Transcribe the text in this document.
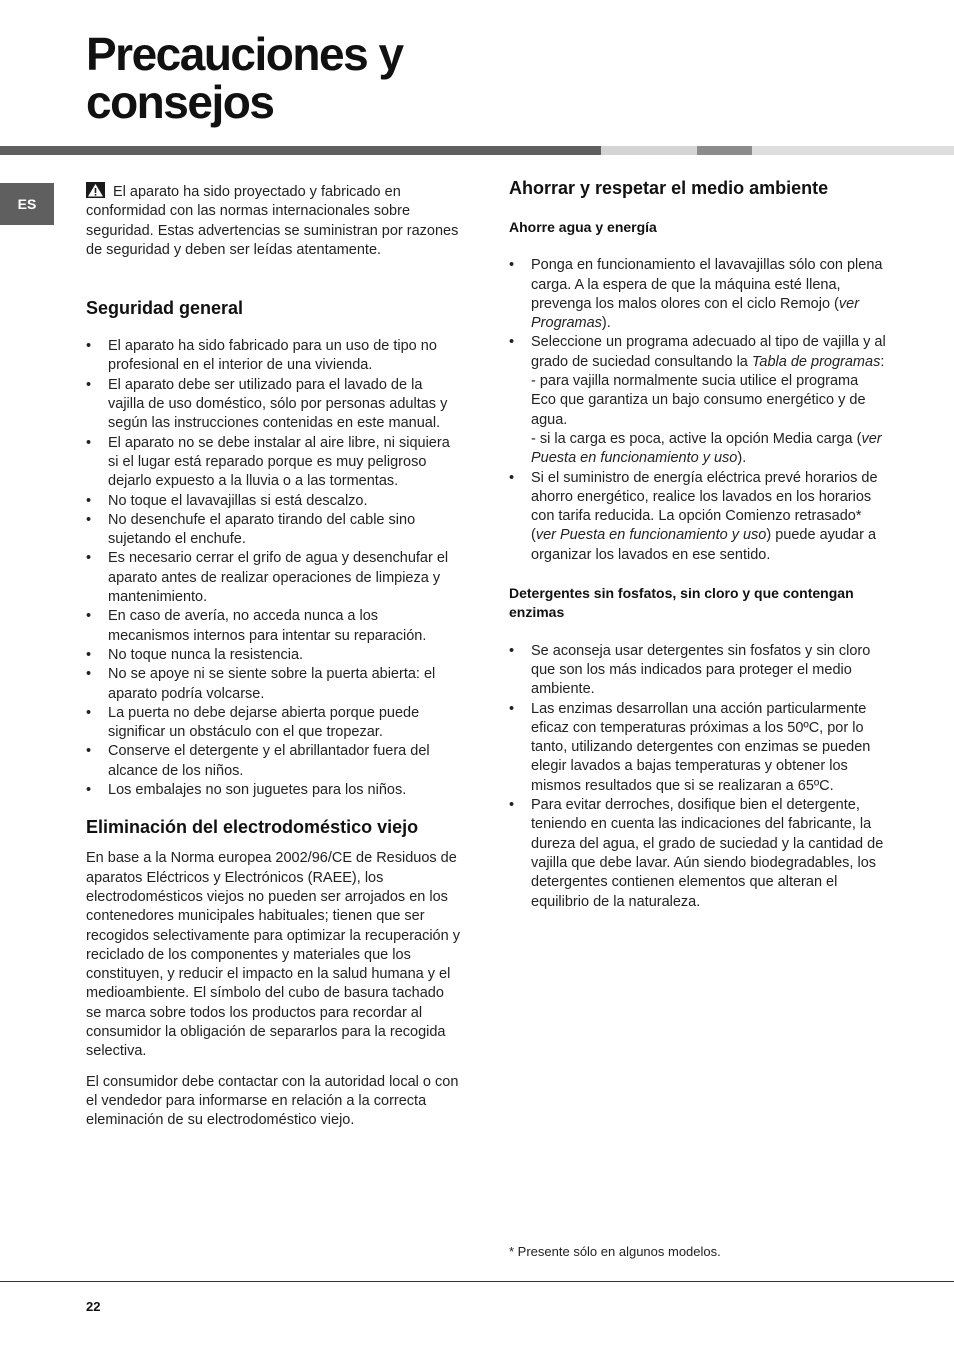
Precauciones y
consejos
ES

El aparato ha sido proyectado y fabricado en conformidad con las normas internacionales sobre seguridad. Estas advertencias se suministran por razones de seguridad y deben ser leídas atentamente.

Seguridad general
• El aparato ha sido fabricado para un uso de tipo no profesional en el interior de una vivienda.
• El aparato debe ser utilizado para el lavado de la vajilla de uso doméstico, sólo por personas adultas y según las instrucciones contenidas en este manual.
• El aparato no se debe instalar al aire libre, ni siquiera si el lugar está reparado porque es muy peligroso dejarlo expuesto a la lluvia o a las tormentas.
• No toque el lavavajillas si está descalzo.
• No desenchufe el aparato tirando del cable sino sujetando el enchufe.
• Es necesario cerrar el grifo de agua y desenchufar el aparato antes de realizar operaciones de limpieza y mantenimiento.
• En caso de avería, no acceda nunca a los mecanismos internos para intentar su reparación.
• No toque nunca la resistencia.
• No se apoye ni se siente sobre la puerta abierta: el aparato podría volcarse.
• La puerta no debe dejarse abierta porque puede significar un obstáculo con el que tropezar.
• Conserve el detergente y el abrillantador fuera del alcance de los niños.
• Los embalajes no son juguetes para los niños.
Eliminación del electrodoméstico viejo

En base a la Norma europea 2002/96/CE de Residuos de aparatos Eléctricos y Electrónicos (RAEE), los electrodomésticos viejos no pueden ser arrojados en los contenedores municipales habituales; tienen que ser recogidos selectivamente para optimizar la recuperación y reciclado de los componentes y materiales que los constituyen, y reducir el impacto en la salud humana y el medioambiente. El símbolo del cubo de basura tachado se marca sobre todos los productos para recordar al consumidor la obligación de separarlos para la recogida selectiva.

El consumidor debe contactar con la autoridad local o con el vendedor para informarse en relación a la correcta eleminación de su electrodoméstico viejo.

Ahorrar y respetar el medio ambiente
Ahorre agua y energía
• Ponga en funcionamiento el lavavajillas sólo con plena carga. A la espera de que la máquina esté llena, prevenga los malos olores con el ciclo Remojo (ver Programas).
• Seleccione un programa adecuado al tipo de vajilla y al grado de suciedad consultando la Tabla de programas:
- para vajilla normalmente sucia utilice el programa Eco que garantiza un bajo consumo energético y de agua.
- si la carga es poca, active la opción Media carga (ver Puesta en funcionamiento y uso).
• Si el suministro de energía eléctrica prevé horarios de ahorro energético, realice los lavados en los horarios con tarifa reducida. La opción Comienzo retrasado* (ver Puesta en funcionamiento y uso) puede ayudar a organizar los lavados en ese sentido.
Detergentes sin fosfatos, sin cloro y que contengan enzimas
• Se aconseja usar detergentes sin fosfatos y sin cloro que son los más indicados para proteger el medio ambiente.
• Las enzimas desarrollan una acción particularmente eficaz con temperaturas próximas a los 50ºC, por lo tanto, utilizando detergentes con enzimas se pueden elegir lavados a bajas temperaturas y obtener los mismos resultados que si se realizaran a 65ºC.
• Para evitar derroches, dosifique bien el detergente, teniendo en cuenta las indicaciones del fabricante, la dureza del agua, el grado de suciedad y la cantidad de vajilla que debe lavar. Aún siendo biodegradables, los detergentes contienen elementos que alteran el equilibrio de la naturaleza.
* Presente sólo en algunos modelos.
22
